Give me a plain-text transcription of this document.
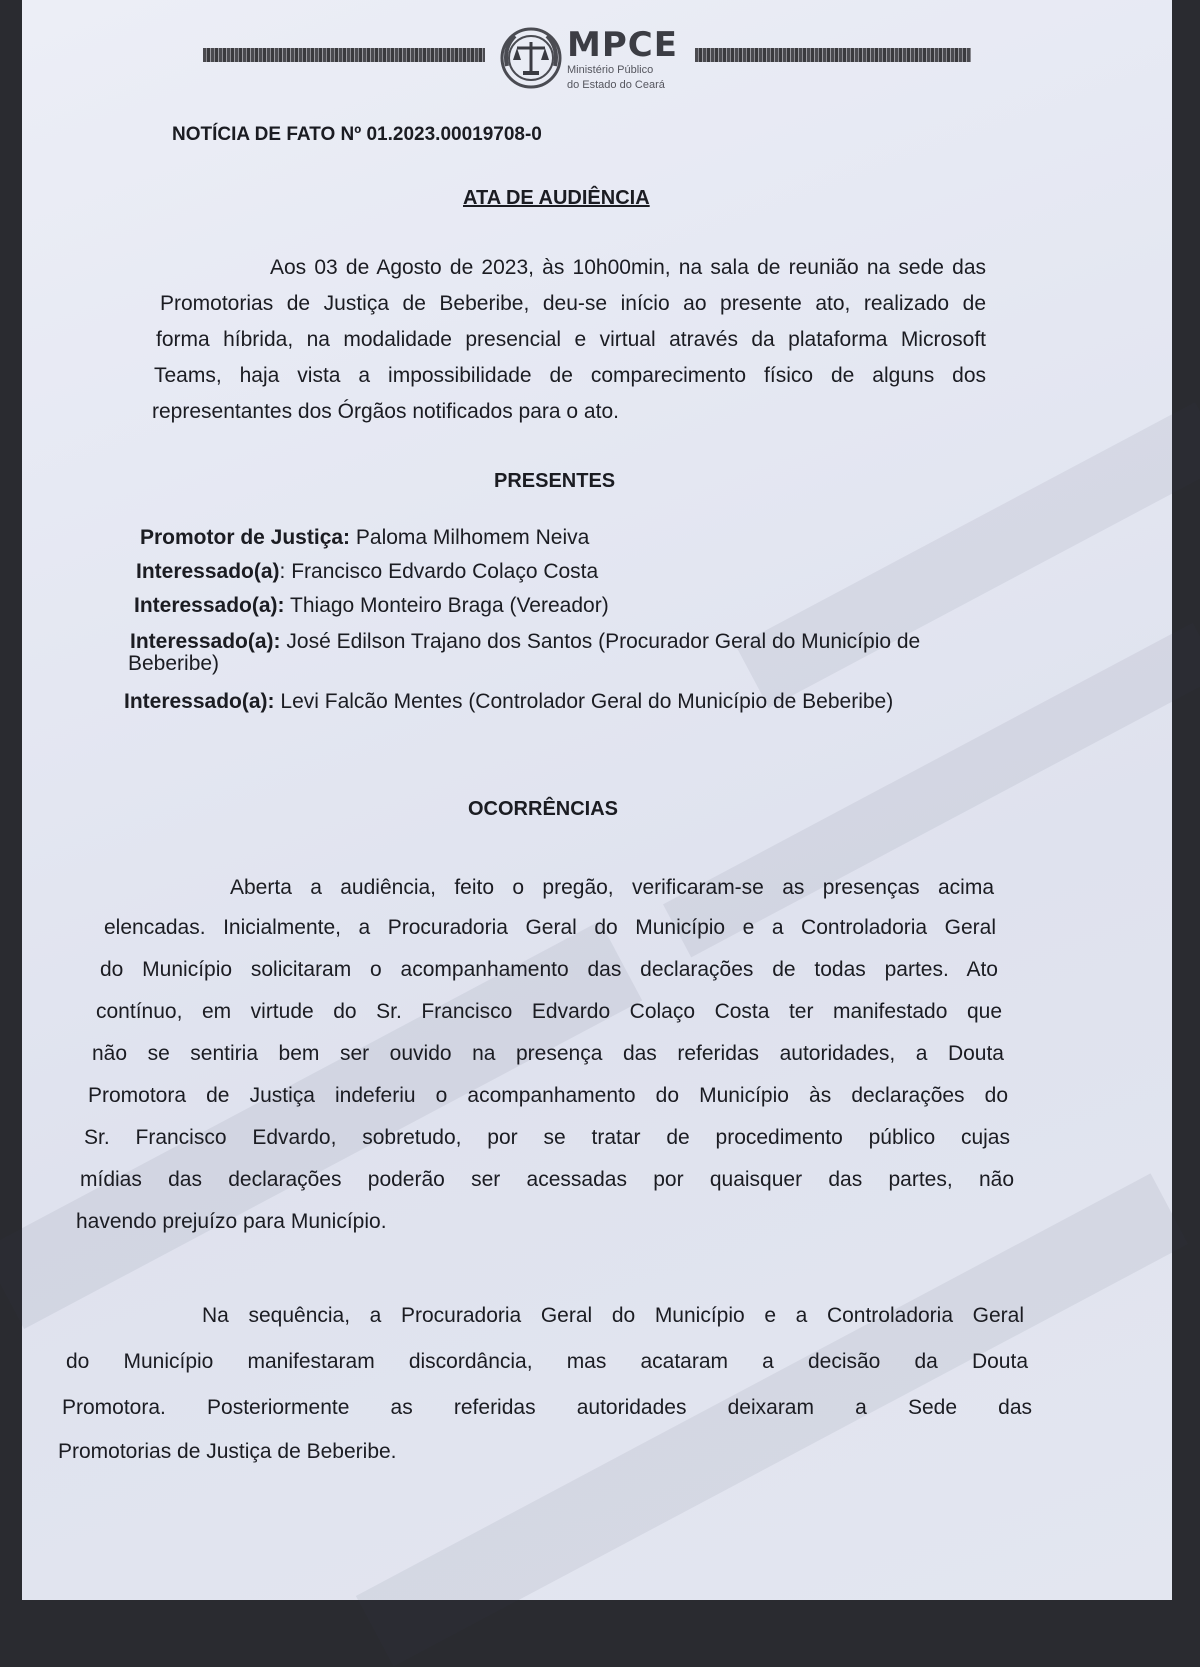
MPCE
Ministério Público
do Estado do Ceará
NOTÍCIA DE FATO Nº 01.2023.00019708-0
ATA DE AUDIÊNCIA
Aos 03 de Agosto de 2023, às 10h00min, na sala de reunião na sede das
Promotorias de Justiça de Beberibe, deu-se início ao presente ato, realizado de
forma híbrida, na modalidade presencial e virtual através da plataforma Microsoft
Teams, haja vista a impossibilidade de comparecimento físico de alguns dos
representantes dos Órgãos notificados para o ato.
PRESENTES
Promotor de Justiça: Paloma Milhomem Neiva
Interessado(a): Francisco Edvardo Colaço Costa
Interessado(a): Thiago Monteiro Braga (Vereador)
Interessado(a): José Edilson Trajano dos Santos (Procurador Geral do Município de
Beberibe)
Interessado(a): Levi Falcão Mentes (Controlador Geral do Município de Beberibe)
OCORRÊNCIAS
Aberta a audiência, feito o pregão, verificaram-se as presenças acima
elencadas. Inicialmente, a Procuradoria Geral do Município e a Controladoria Geral
do Município solicitaram o acompanhamento das declarações de todas partes. Ato
contínuo, em virtude do Sr. Francisco Edvardo Colaço Costa ter manifestado que
não se sentiria bem ser ouvido na presença das referidas autoridades, a Douta
Promotora de Justiça indeferiu o acompanhamento do Município às declarações do
Sr. Francisco Edvardo, sobretudo, por se tratar de procedimento público cujas
mídias das declarações poderão ser acessadas por quaisquer das partes, não
havendo prejuízo para Município.
Na sequência, a Procuradoria Geral do Município e a Controladoria Geral
do Município manifestaram discordância, mas acataram a decisão da Douta
Promotora. Posteriormente as referidas autoridades deixaram a Sede das
Promotorias de Justiça de Beberibe.
